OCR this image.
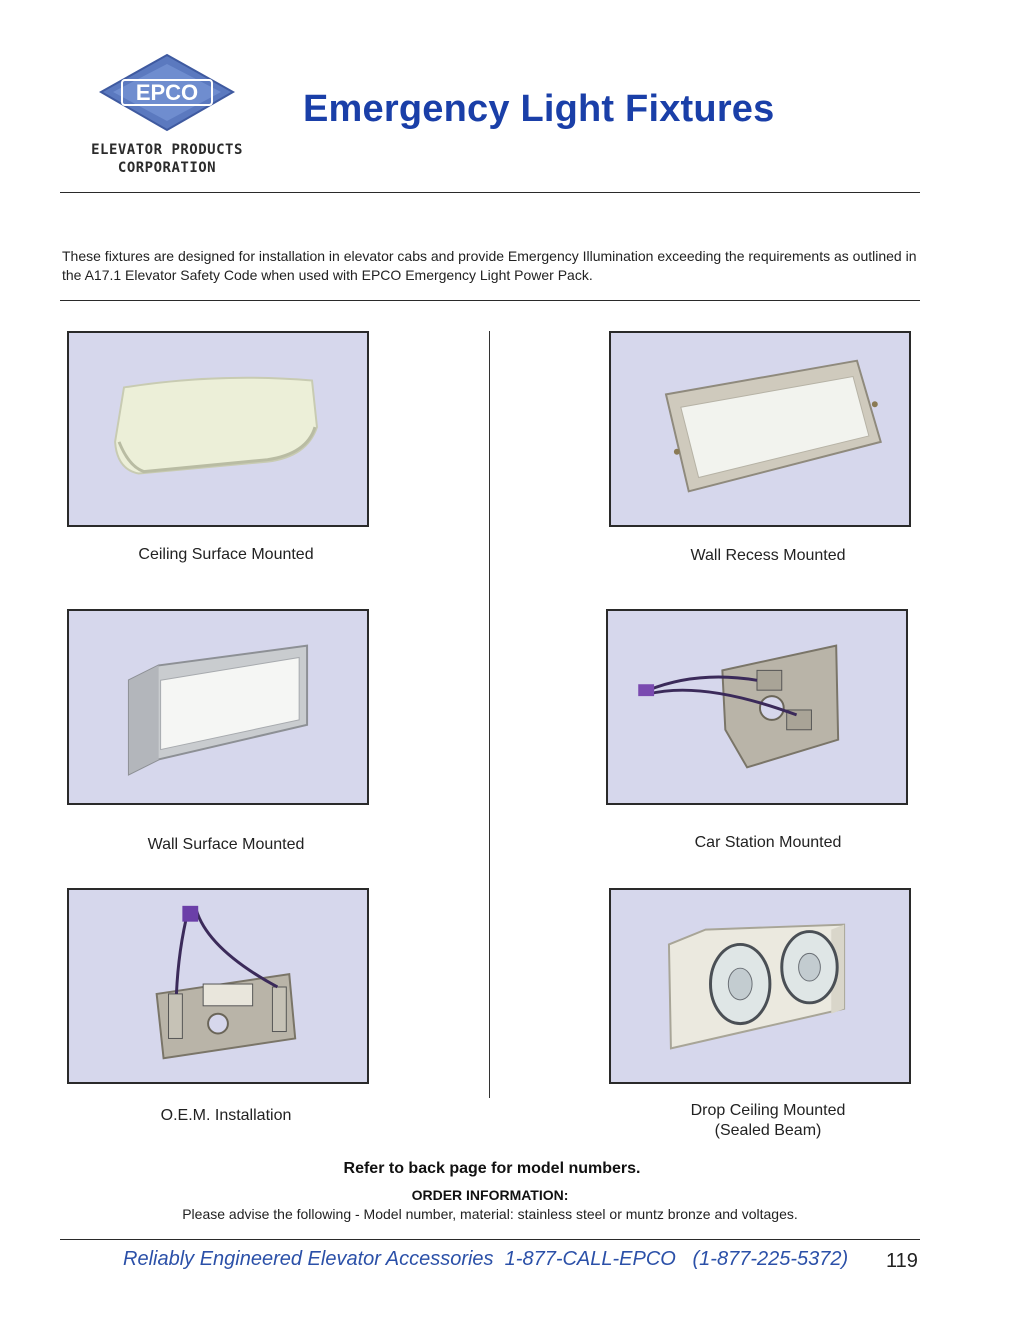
EPCO
ELEVATOR PRODUCTS
CORPORATION
Emergency Light Fixtures
These fixtures are designed for installation in elevator cabs and provide Emergency Illumination exceeding the requirements as outlined in the A17.1 Elevator Safety Code when used with EPCO Emergency Light Power Pack.
Ceiling Surface Mounted	Wall Recess Mounted
Wall Surface Mounted	Car Station Mounted
O.E.M. Installation	Drop Ceiling Mounted
(Sealed Beam)
Refer to back page for model numbers.
ORDER INFORMATION:
Please advise the following - Model number, material: stainless steel or muntz bronze and voltages.
Reliably Engineered Elevator Accessories  1-877-CALL-EPCO   (1-877-225-5372) 119
